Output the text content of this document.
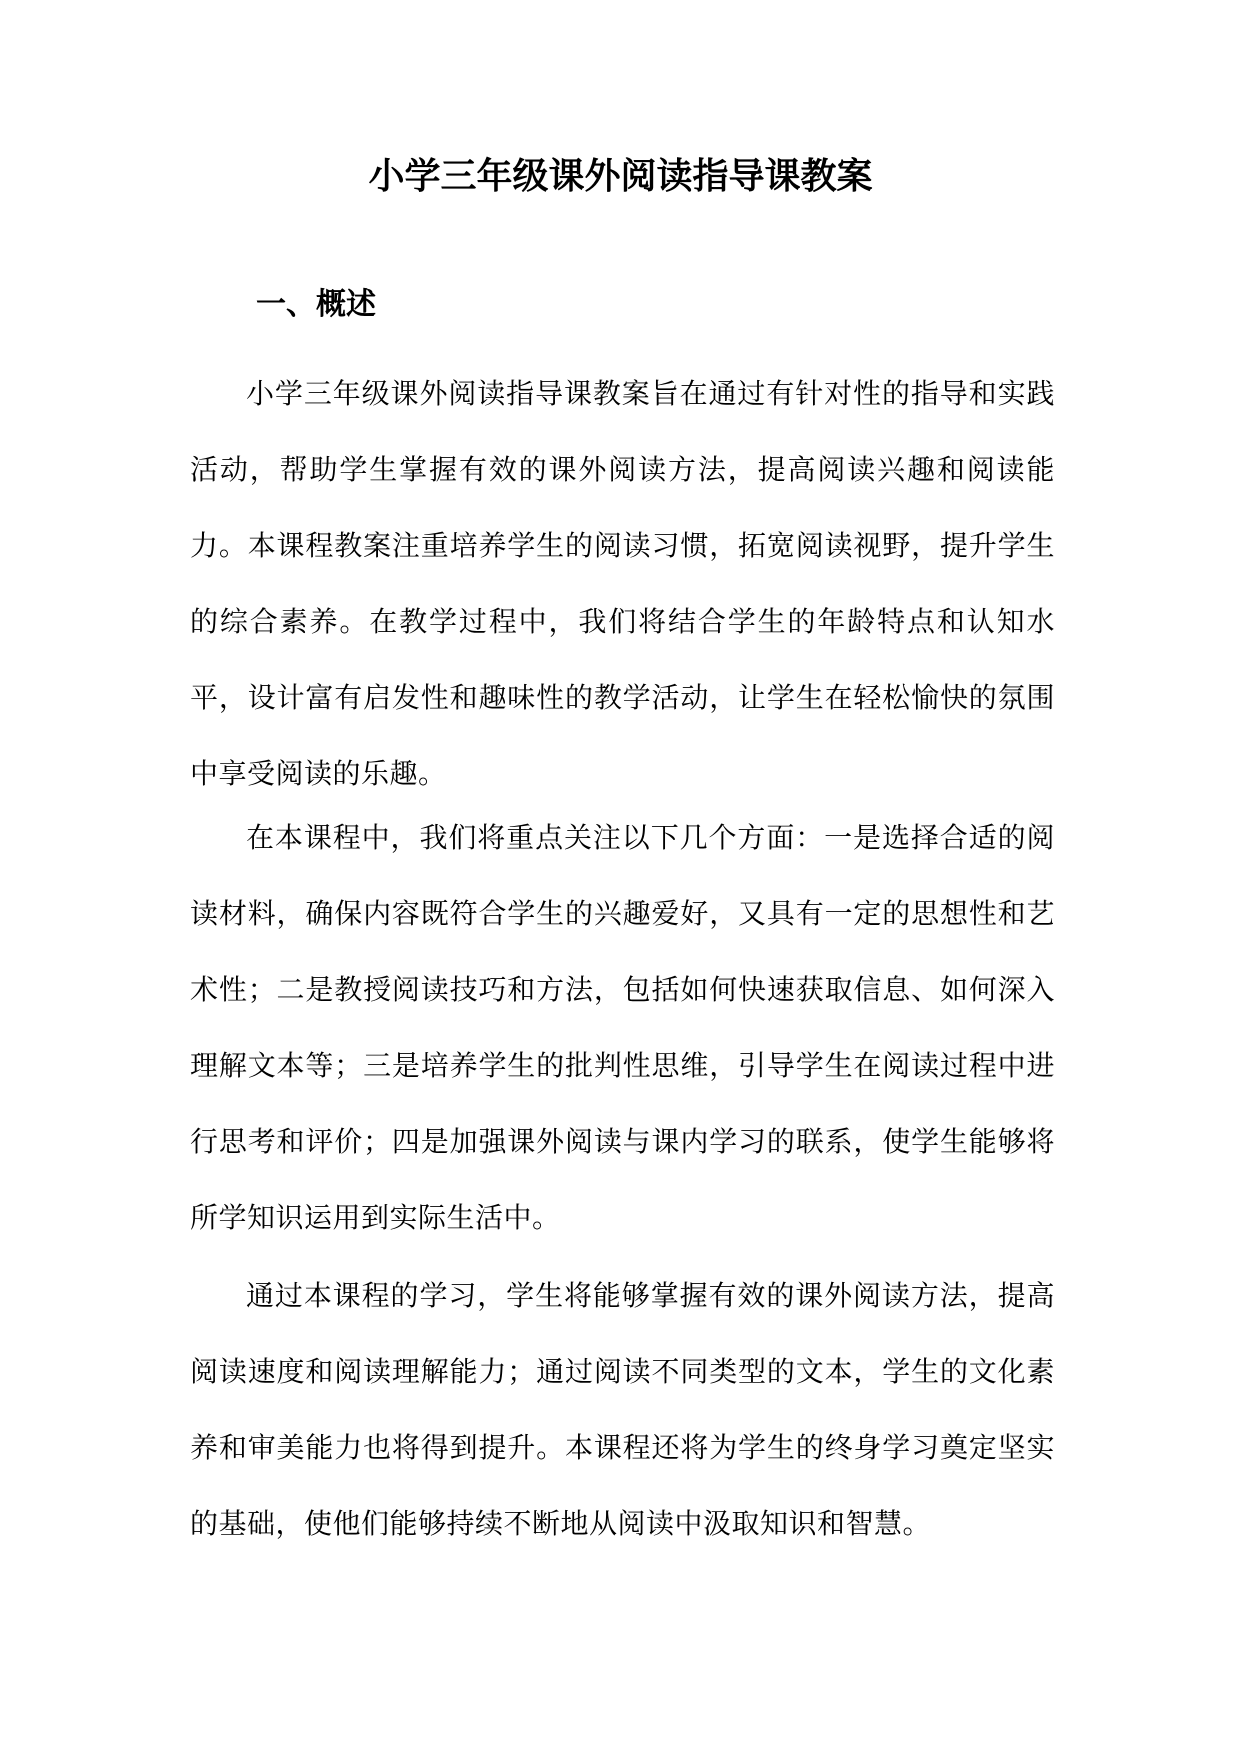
小学三年级课外阅读指导课教案
一、概述

小学三年级课外阅读指导课教案旨在通过有针对性的指导和实践活动，帮助学生掌握有效的课外阅读方法，提高阅读兴趣和阅读能力。本课程教案注重培养学生的阅读习惯，拓宽阅读视野，提升学生的综合素养。在教学过程中，我们将结合学生的年龄特点和认知水平，设计富有启发性和趣味性的教学活动，让学生在轻松愉快的氛围中享受阅读的乐趣。

在本课程中，我们将重点关注以下几个方面：一是选择合适的阅读材料，确保内容既符合学生的兴趣爱好，又具有一定的思想性和艺术性；二是教授阅读技巧和方法，包括如何快速获取信息、如何深入理解文本等；三是培养学生的批判性思维，引导学生在阅读过程中进行思考和评价；四是加强课外阅读与课内学习的联系，使学生能够将所学知识运用到实际生活中。

通过本课程的学习，学生将能够掌握有效的课外阅读方法，提高阅读速度和阅读理解能力；通过阅读不同类型的文本，学生的文化素养和审美能力也将得到提升。本课程还将为学生的终身学习奠定坚实的基础，使他们能够持续不断地从阅读中汲取知识和智慧。
